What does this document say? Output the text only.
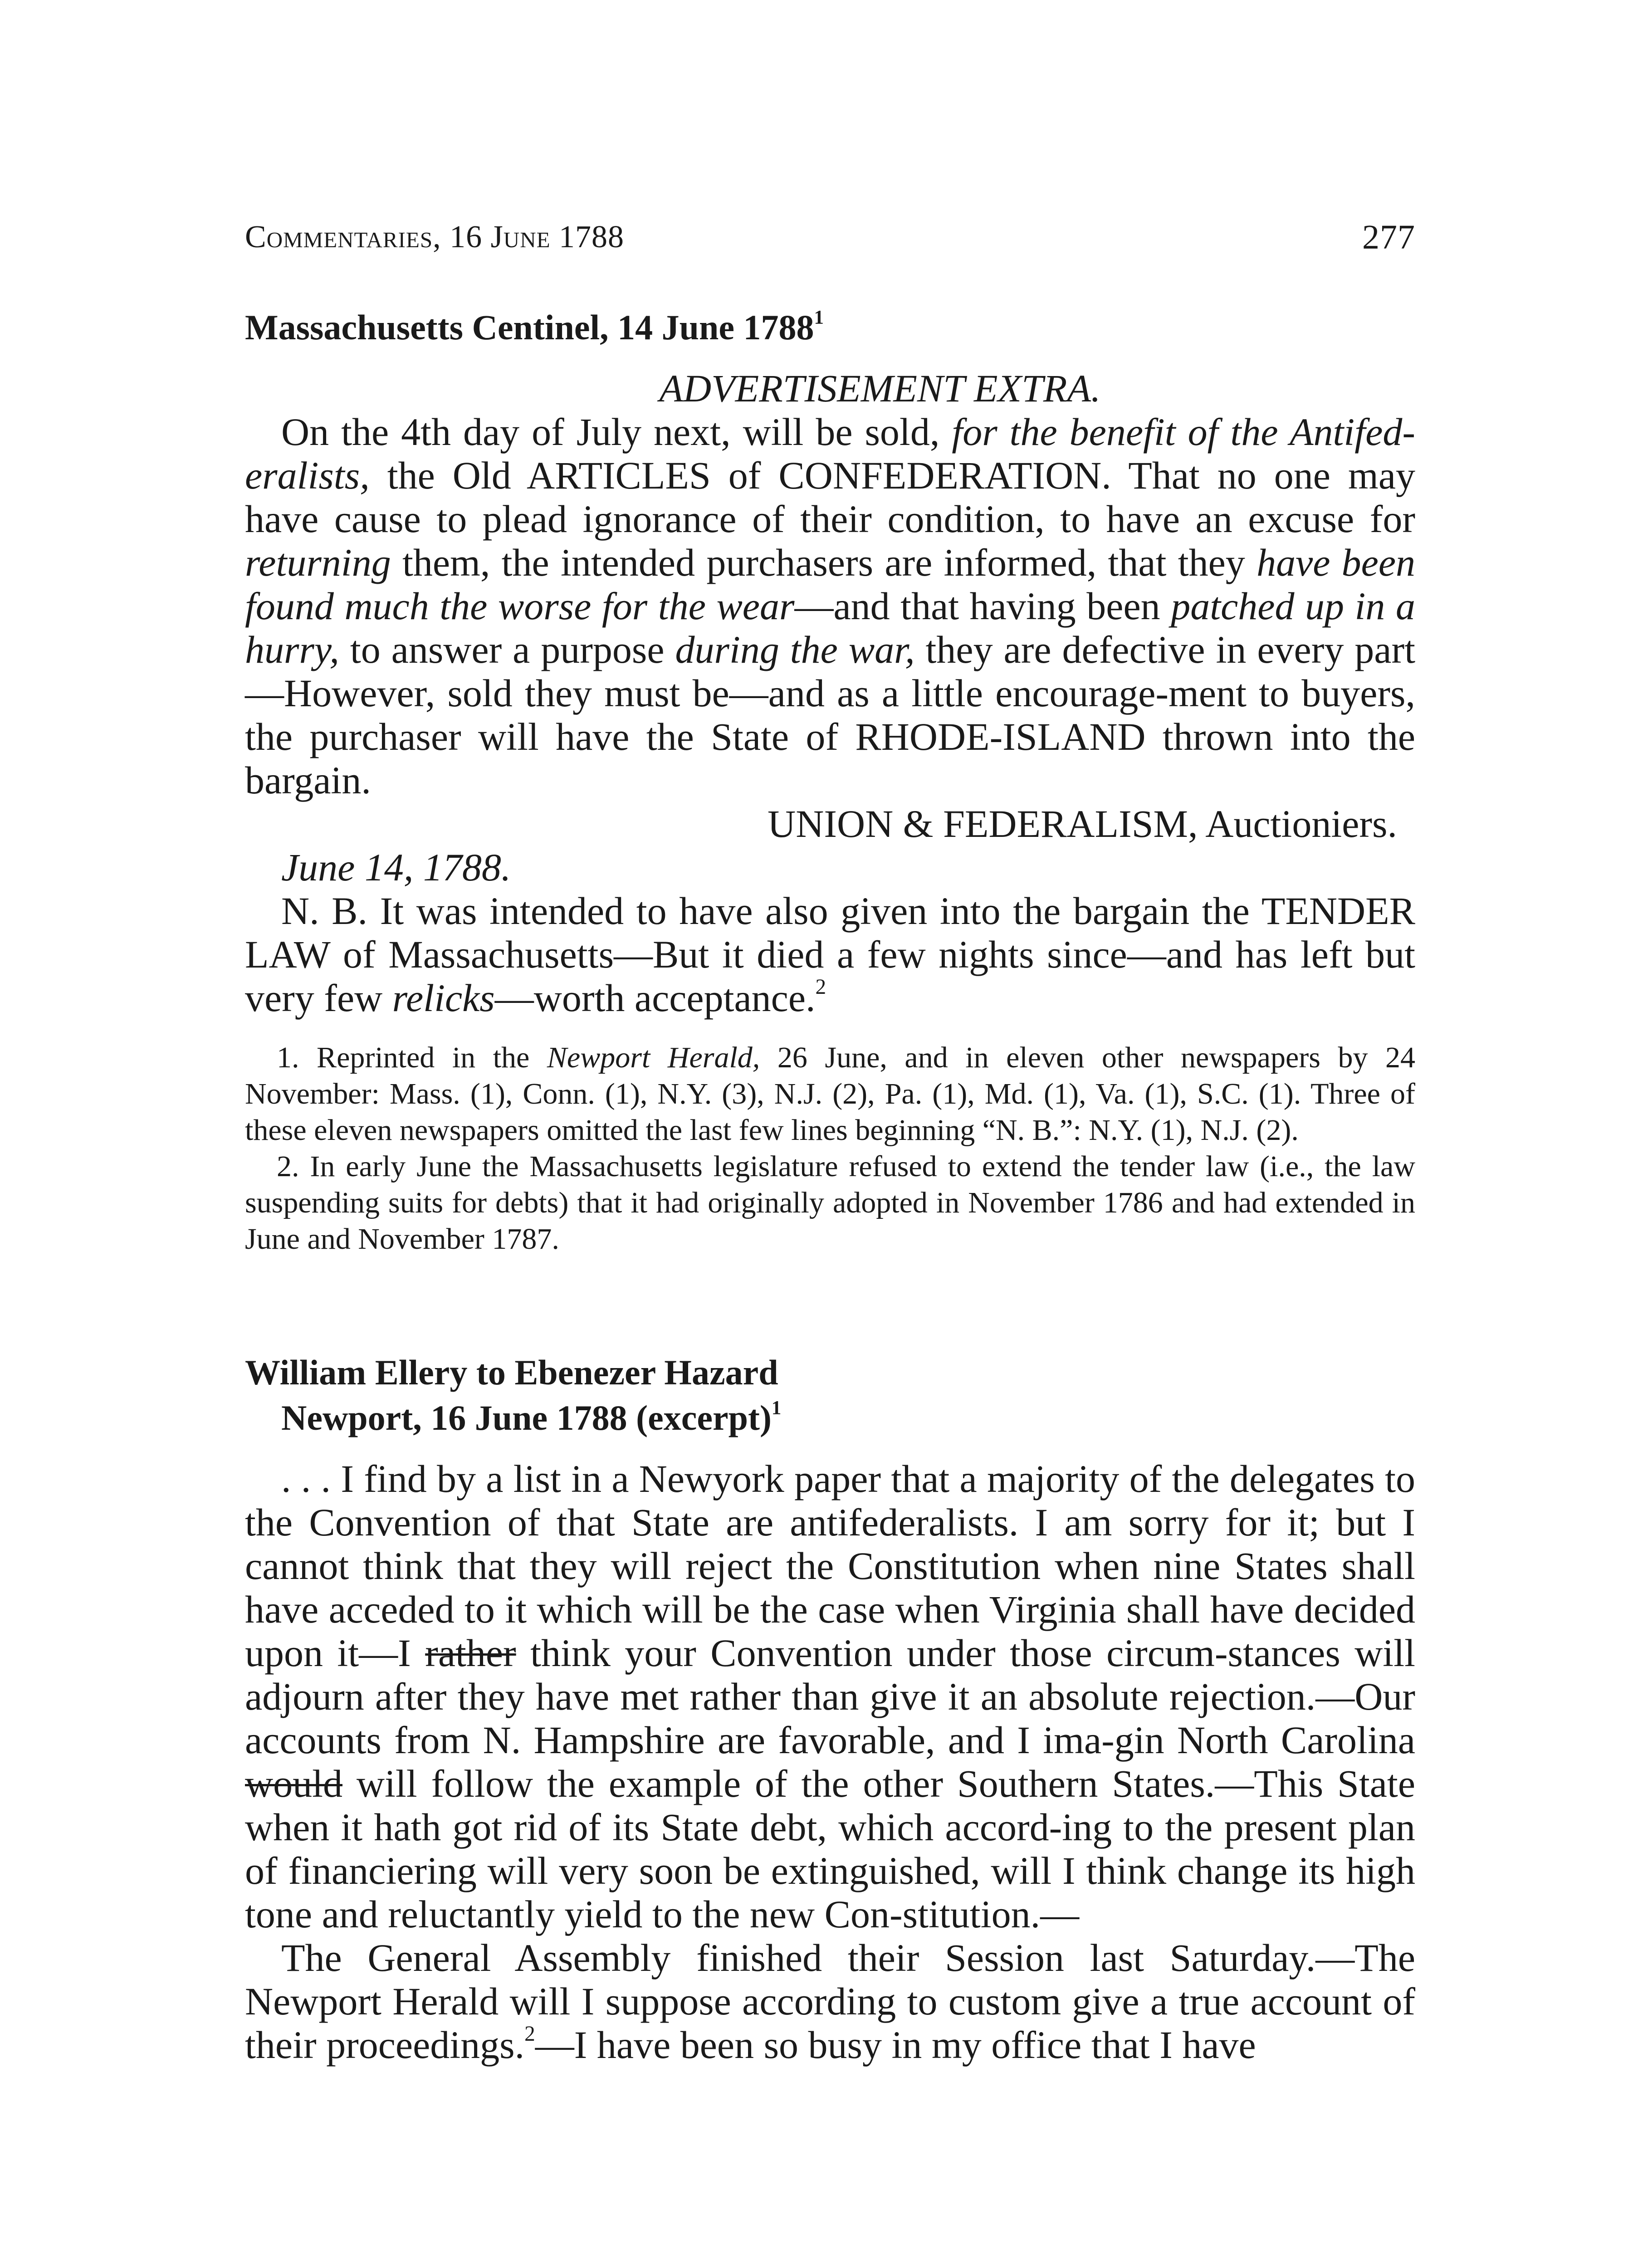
Commentaries, 16 June 1788	277
Massachusetts Centinel, 14 June 1788$^1$

ADVERTISEMENT EXTRA.

On the 4th day of July next, will be sold, for the benefit of the Antifed-eralists, the Old ARTICLES of CONFEDERATION. That no one may have cause to plead ignorance of their condition, to have an excuse for returning them, the intended purchasers are informed, that they have been found much the worse for the wear—and that having been patched up in a hurry, to answer a purpose during the war, they are defective in every part—However, sold they must be—and as a little encourage-ment to buyers, the purchaser will have the State of RHODE-ISLAND thrown into the bargain.

UNION & FEDERALISM, Auctioniers.

June 14, 1788.

N. B. It was intended to have also given into the bargain the TENDER LAW of Massachusetts—But it died a few nights since—and has left but very few relicks—worth acceptance.$^2$

1. Reprinted in the Newport Herald, 26 June, and in eleven other newspapers by 24 November: Mass. (1), Conn. (1), N.Y. (3), N.J. (2), Pa. (1), Md. (1), Va. (1), S.C. (1). Three of these eleven newspapers omitted the last few lines beginning “N. B.”: N.Y. (1), N.J. (2).

2. In early June the Massachusetts legislature refused to extend the tender law (i.e., the law suspending suits for debts) that it had originally adopted in November 1786 and had extended in June and November 1787.

William Ellery to Ebenezer Hazard
Newport, 16 June 1788 (excerpt)$^1$

. . . I find by a list in a Newyork paper that a majority of the delegates to the Convention of that State are antifederalists. I am sorry for it; but I cannot think that they will reject the Constitution when nine States shall have acceded to it which will be the case when Virginia shall have decided upon it—I rather think your Convention under those circum-stances will adjourn after they have met rather than give it an absolute rejection.—Our accounts from N. Hampshire are favorable, and I ima-gin North Carolina would will follow the example of the other Southern States.—This State when it hath got rid of its State debt, which accord-ing to the present plan of financiering will very soon be extinguished, will I think change its high tone and reluctantly yield to the new Con-stitution.—

The General Assembly finished their Session last Saturday.—The Newport Herald will I suppose according to custom give a true account of their proceedings.$^2$—I have been so busy in my office that I have
